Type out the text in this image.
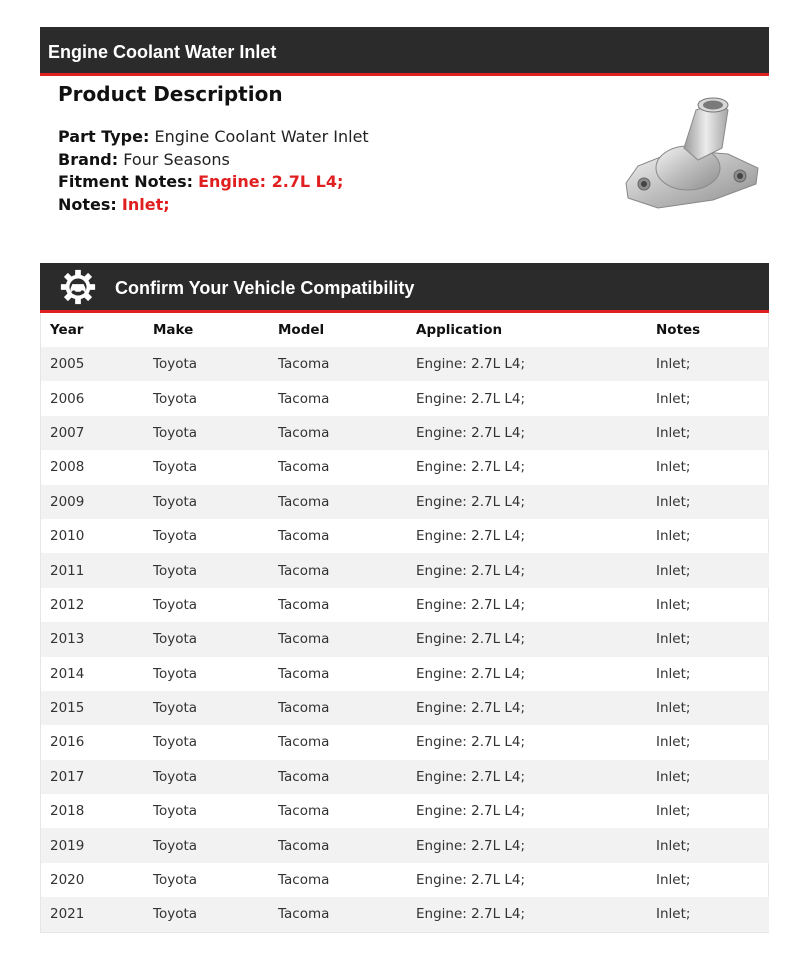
Engine Coolant Water Inlet
Product Description
Part Type: Engine Coolant Water Inlet
Brand: Four Seasons
Fitment Notes: Engine: 2.7L L4;
Notes: Inlet;
Confirm Your Vehicle Compatibility
Year	Make	Model	Application	Notes
2005	Toyota	Tacoma	Engine: 2.7L L4;	Inlet;
2006	Toyota	Tacoma	Engine: 2.7L L4;	Inlet;
2007	Toyota	Tacoma	Engine: 2.7L L4;	Inlet;
2008	Toyota	Tacoma	Engine: 2.7L L4;	Inlet;
2009	Toyota	Tacoma	Engine: 2.7L L4;	Inlet;
2010	Toyota	Tacoma	Engine: 2.7L L4;	Inlet;
2011	Toyota	Tacoma	Engine: 2.7L L4;	Inlet;
2012	Toyota	Tacoma	Engine: 2.7L L4;	Inlet;
2013	Toyota	Tacoma	Engine: 2.7L L4;	Inlet;
2014	Toyota	Tacoma	Engine: 2.7L L4;	Inlet;
2015	Toyota	Tacoma	Engine: 2.7L L4;	Inlet;
2016	Toyota	Tacoma	Engine: 2.7L L4;	Inlet;
2017	Toyota	Tacoma	Engine: 2.7L L4;	Inlet;
2018	Toyota	Tacoma	Engine: 2.7L L4;	Inlet;
2019	Toyota	Tacoma	Engine: 2.7L L4;	Inlet;
2020	Toyota	Tacoma	Engine: 2.7L L4;	Inlet;
2021	Toyota	Tacoma	Engine: 2.7L L4;	Inlet;
